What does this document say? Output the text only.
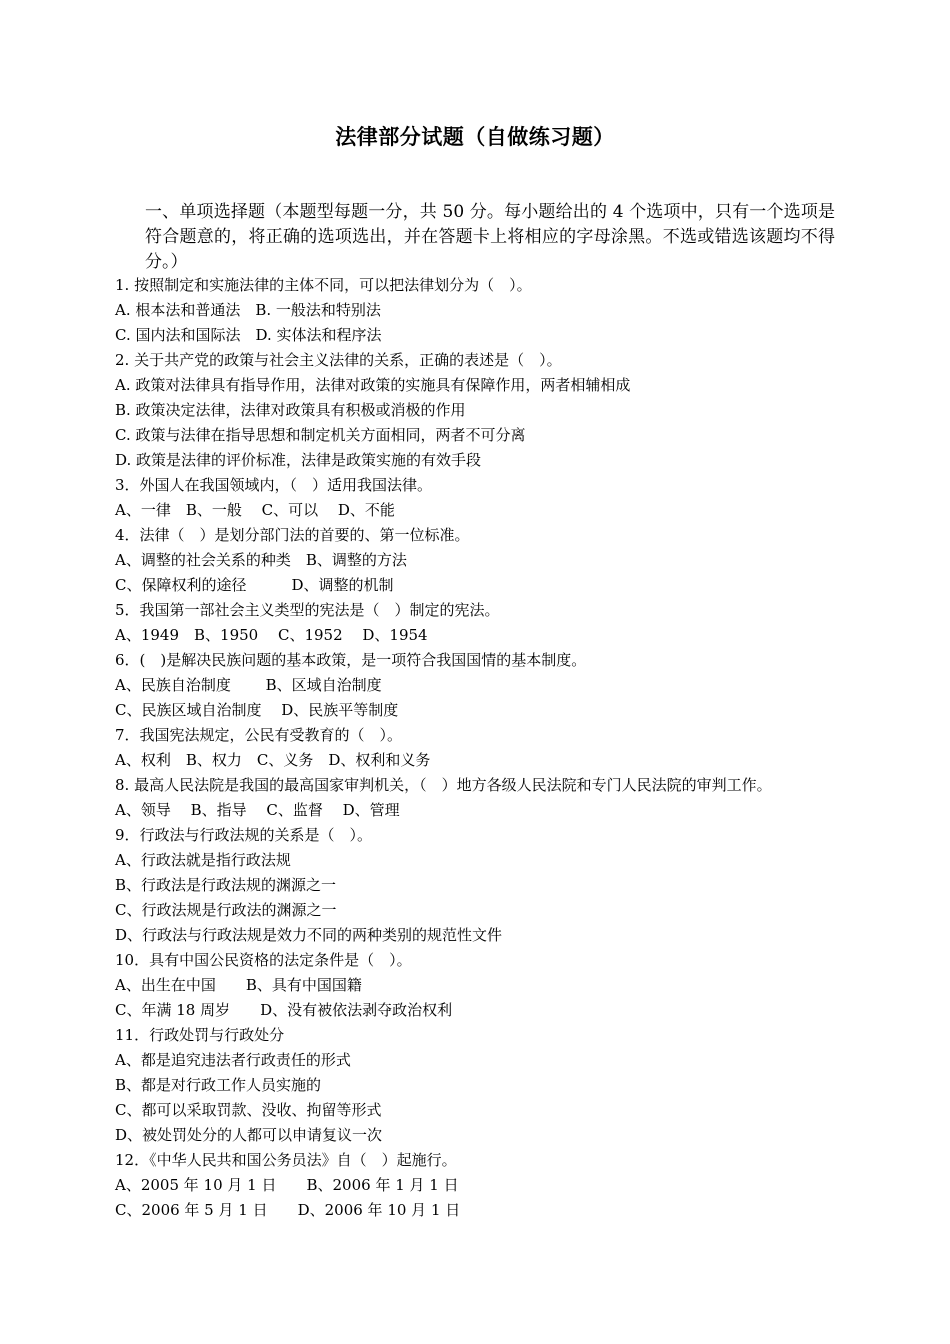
法律部分试题（自做练习题）
一、单项选择题（本题型每题一分，共 50 分。每小题给出的 4 个选项中，只有一个选项是符合题意的，将正确的选项选出，并在答题卡上将相应的字母涂黑。不选或错选该题均不得分。）
1. 按照制定和实施法律的主体不同，可以把法律划分为（　）。
A. 根本法和普通法　B. 一般法和特别法
C. 国内法和国际法　D. 实体法和程序法
2. 关于共产党的政策与社会主义法律的关系，正确的表述是（　）。
A. 政策对法律具有指导作用，法律对政策的实施具有保障作用，两者相辅相成
B. 政策决定法律，法律对政策具有积极或消极的作用
C. 政策与法律在指导思想和制定机关方面相同，两者不可分离
D. 政策是法律的评价标准，法律是政策实施的有效手段
3．外国人在我国领域内，（　）适用我国法律。
A、一律　B、一般　 C、可以　 D、不能
4．法律（　）是划分部门法的首要的、第一位标准。
A、调整的社会关系的种类　B、调整的方法
C、保障权利的途径　　　D、调整的机制
5．我国第一部社会主义类型的宪法是（　）制定的宪法。
A、1949　B、1950　 C、1952　 D、1954
6．(　)是解决民族问题的基本政策，是一项符合我国国情的基本制度。
A、民族自治制度　　 B、区域自治制度
C、民族区域自治制度　 D、民族平等制度
7．我国宪法规定，公民有受教育的（　）。
A、权利　B、权力　C、义务　D、权利和义务
8. 最高人民法院是我国的最高国家审判机关，（　）地方各级人民法院和专门人民法院的审判工作。
A、领导　 B、指导　 C、监督　 D、管理
9．行政法与行政法规的关系是（　）。
A、行政法就是指行政法规
B、行政法是行政法规的渊源之一
C、行政法规是行政法的渊源之一
D、行政法与行政法规是效力不同的两种类别的规范性文件
10．具有中国公民资格的法定条件是（　）。
A、出生在中国　　B、具有中国国籍
C、年满 18 周岁　　D、没有被依法剥夺政治权利
11．行政处罚与行政处分
A、都是追究违法者行政责任的形式
B、都是对行政工作人员实施的
C、都可以采取罚款、没收、拘留等形式
D、被处罚处分的人都可以申请复议一次
12．《中华人民共和国公务员法》自（　）起施行。
A、2005 年 10 月 1 日　　B、2006 年 1 月 1 日
C、2006 年 5 月 1 日　　D、2006 年 10 月 1 日
